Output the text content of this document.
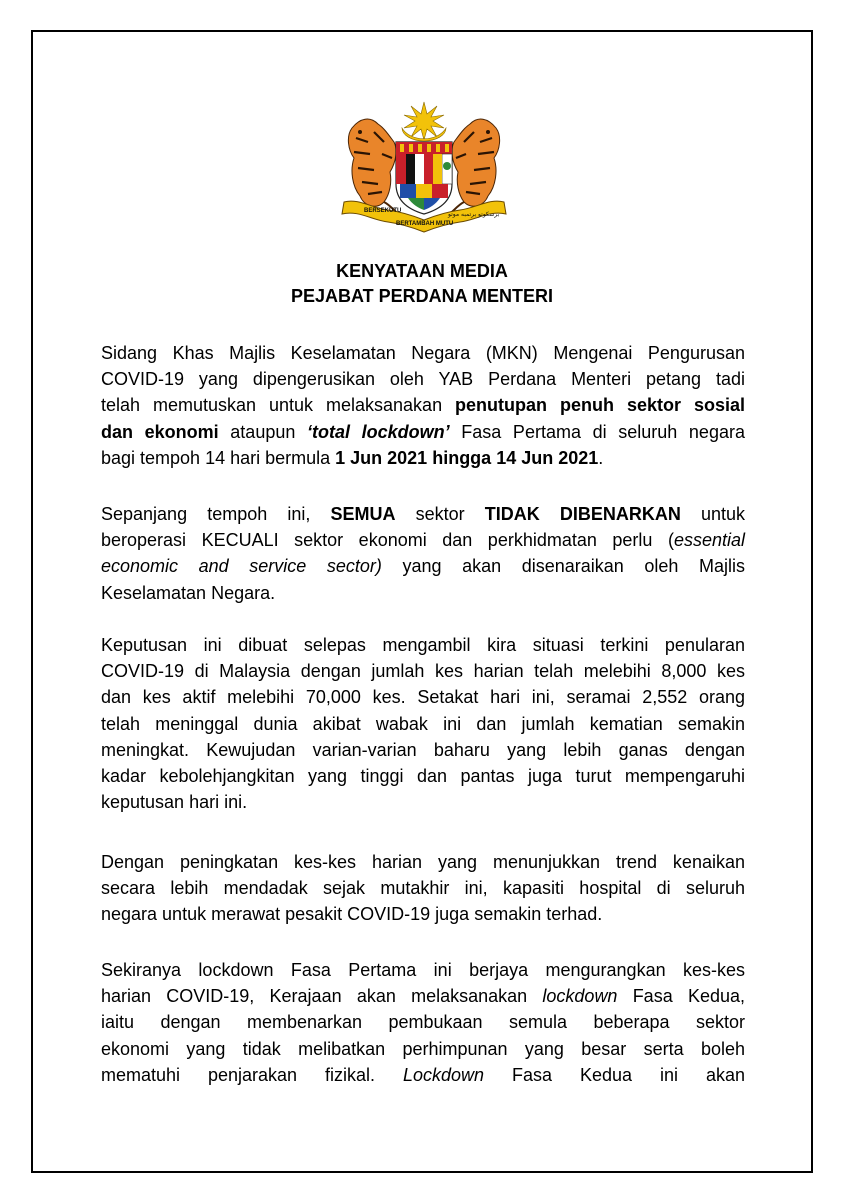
BERSEKUTU
BERTAMBAH MUTU
برسکوتو برتمبه موتو
KENYATAAN MEDIA
PEJABAT PERDANA MENTERI
Sidang Khas Majlis Keselamatan Negara (MKN) Mengenai Pengurusan
COVID-19 yang dipengerusikan oleh YAB Perdana Menteri petang tadi
telah memutuskan untuk melaksanakan penutupan penuh sektor sosial
dan ekonomi ataupun ‘total lockdown’ Fasa Pertama di seluruh negara
bagi tempoh 14 hari bermula 1 Jun 2021 hingga 14 Jun 2021.
Sepanjang tempoh ini, SEMUA sektor TIDAK DIBENARKAN untuk
beroperasi KECUALI sektor ekonomi dan perkhidmatan perlu (essential
economic and service sector) yang akan disenaraikan oleh Majlis
Keselamatan Negara.
Keputusan ini dibuat selepas mengambil kira situasi terkini penularan
COVID-19 di Malaysia dengan jumlah kes harian telah melebihi 8,000 kes
dan kes aktif melebihi 70,000 kes. Setakat hari ini, seramai 2,552 orang
telah meninggal dunia akibat wabak ini dan jumlah kematian semakin
meningkat. Kewujudan varian-varian baharu yang lebih ganas dengan
kadar kebolehjangkitan yang tinggi dan pantas juga turut mempengaruhi
keputusan hari ini.
Dengan peningkatan kes-kes harian yang menunjukkan trend kenaikan
secara lebih mendadak sejak mutakhir ini, kapasiti hospital di seluruh
negara untuk merawat pesakit COVID-19 juga semakin terhad.
Sekiranya lockdown Fasa Pertama ini berjaya mengurangkan kes-kes
harian COVID-19, Kerajaan akan melaksanakan lockdown Fasa Kedua,
iaitu dengan membenarkan pembukaan semula beberapa sektor
ekonomi yang tidak melibatkan perhimpunan yang besar serta boleh
mematuhi penjarakan fizikal. Lockdown Fasa Kedua ini akan
